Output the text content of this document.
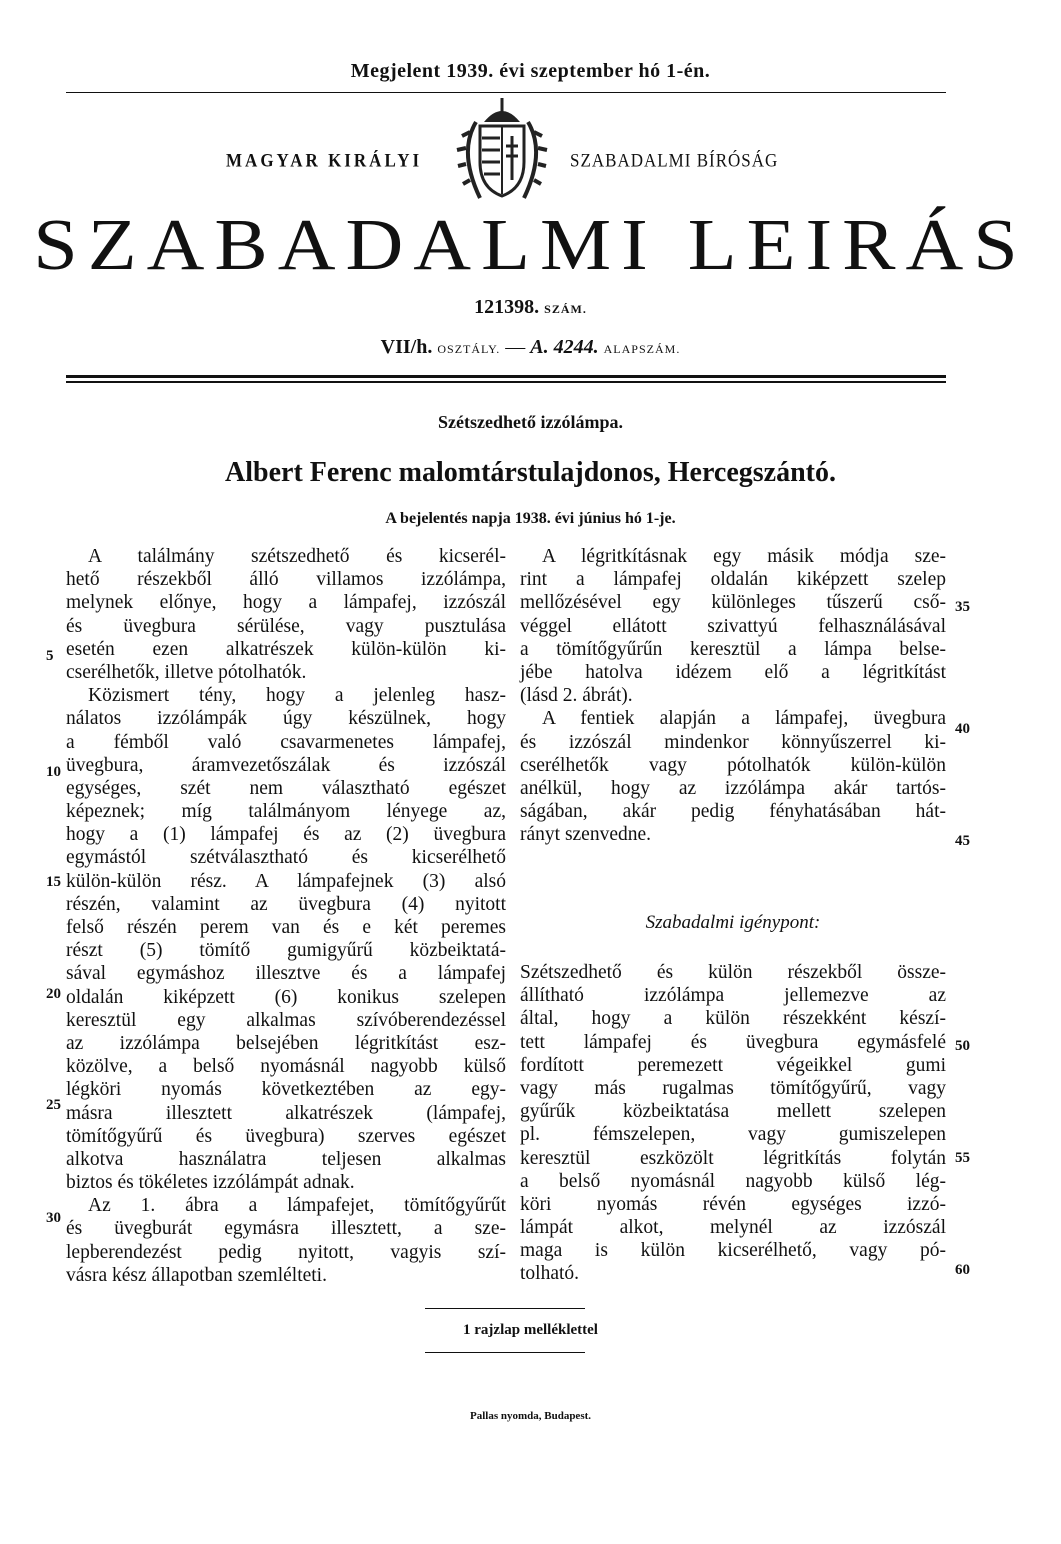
Megjelent 1939. évi szeptember hó 1-én.
MAGYAR KIRÁLYI	SZABADALMI BÍRÓSÁG
SZABADALMI LEIRÁS
121398. SZÁM.
VII/h. OSZTÁLY. — A. 4244. ALAPSZÁM.
Szétszedhető izzólámpa.
Albert Ferenc malomtárstulajdonos, Hercegszántó.
A bejelentés napja 1938. évi június hó 1-je.
A találmány szétszedhető és kicserél-
hető részekből álló villamos izzólámpa,
melynek előnye, hogy a lámpafej, izzószál
és üvegbura sérülése, vagy pusztulása
esetén ezen alkatrészek külön-külön ki-
cserélhetők, illetve pótolhatók.
Közismert tény, hogy a jelenleg hasz-
nálatos izzólámpák úgy készülnek, hogy
a fémből való csavarmenetes lámpafej,
üvegbura, áramvezetőszálak és izzószál
egységes, szét nem választható egészet
képeznek; míg találmányom lényege az,
hogy a (1) lámpafej és az (2) üvegbura
egymástól szétválasztható és kicserélhető
külön-külön rész. A lámpafejnek (3) alsó
részén, valamint az üvegbura (4) nyitott
felső részén perem van és e két peremes
részt (5) tömítő gumigyűrű közbeiktatá-
sával egymáshoz illesztve és a lámpafej
oldalán kiképzett (6) konikus szelepen
keresztül egy alkalmas szívóberendezéssel
az izzólámpa belsejében légritkítást esz-
közölve, a belső nyomásnál nagyobb külső
légköri nyomás következtében az egy-
másra illesztett alkatrészek (lámpafej,
tömítőgyűrű és üvegbura) szerves egészet
alkotva használatra teljesen alkalmas
biztos és tökéletes izzólámpát adnak.
Az 1. ábra a lámpafejet, tömítőgyűrűt
és üvegburát egymásra illesztett, a sze-
lepberendezést pedig nyitott, vagyis szí-
vásra kész állapotban szemlélteti.
A légritkításnak egy másik módja sze-
rint a lámpafej oldalán kiképzett szelep
mellőzésével egy különleges tűszerű cső-
véggel ellátott szivattyú felhasználásával
a tömítőgyűrűn keresztül a lámpa belse-
jébe hatolva idézem elő a légritkítást
(lásd 2. ábrát).
A fentiek alapján a lámpafej, üvegbura
és izzószál mindenkor könnyűszerrel ki-
cserélhetők vagy pótolhatók külön-külön
anélkül, hogy az izzólámpa akár tartós-
ságában, akár pedig fényhatásában hát-
rányt szenvedne.
Szabadalmi igénypont:
Szétszedhető és külön részekből össze-
állítható izzólámpa jellemezve az
által, hogy a külön részekként készí-
tett lámpafej és üvegbura egymásfelé
fordított peremezett végeikkel gumi
vagy más rugalmas tömítőgyűrű, vagy
gyűrűk közbeiktatása mellett szelepen
pl. fémszelepen, vagy gumiszelepen
keresztül eszközölt légritkítás folytán
a belső nyomásnál nagyobb külső lég-
köri nyomás révén egységes izzó-
lámpát alkot, melynél az izzószál
maga is külön kicserélhető, vagy pó-
tolható.
5
10
15
20
25
30
35
40
45
50
55
60
1 rajzlap melléklettel
Pallas nyomda, Budapest.
